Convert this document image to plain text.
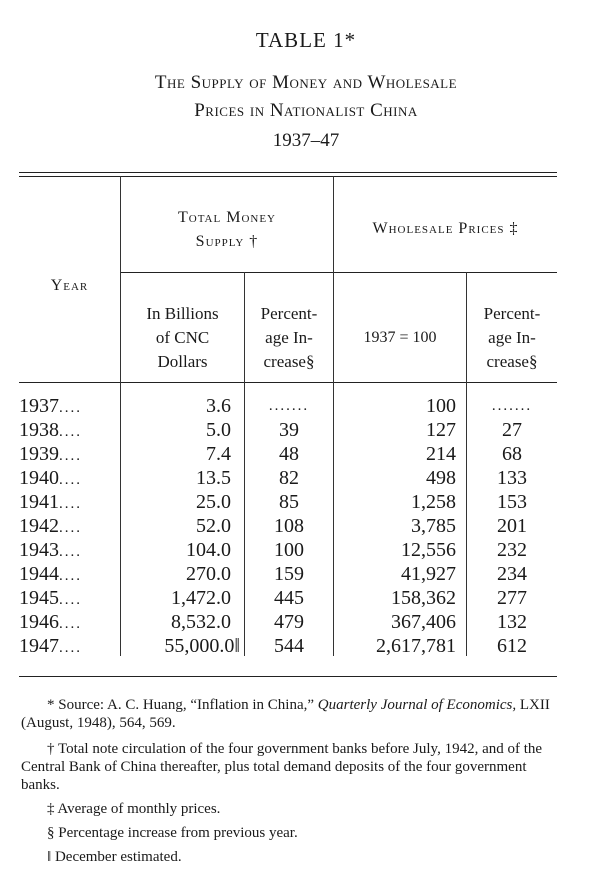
TABLE 1*
The Supply of Money and Wholesale
Prices in Nationalist China
1937–47
Year
Total Money
Supply †
Wholesale Prices ‡
In Billions
of CNC
Dollars
Percent-
age In-
crease§
1937 = 100
Percent-
age In-
crease§
1937....	3.6	.......	100	.......
1938....	5.0	39	127	27
1939....	7.4	48	214	68
1940....	13.5	82	498	133
1941....	25.0	85	1,258	153
1942....	52.0	108	3,785	201
1943....	104.0	100	12,556	232
1944....	270.0	159	41,927	234
1945....	1,472.0	445	158,362	277
1946....	8,532.0	479	367,406	132
1947....	55,000.0‖	544	2,617,781	612
* Source: A. C. Huang, “Inflation in China,” Quarterly Journal of Economics, LXII (August, 1948), 564, 569.
† Total note circulation of the four government banks before July, 1942, and of the Central Bank of China thereafter, plus total demand deposits of the four government banks.
‡ Average of monthly prices.
§ Percentage increase from previous year.
‖ December estimated.
